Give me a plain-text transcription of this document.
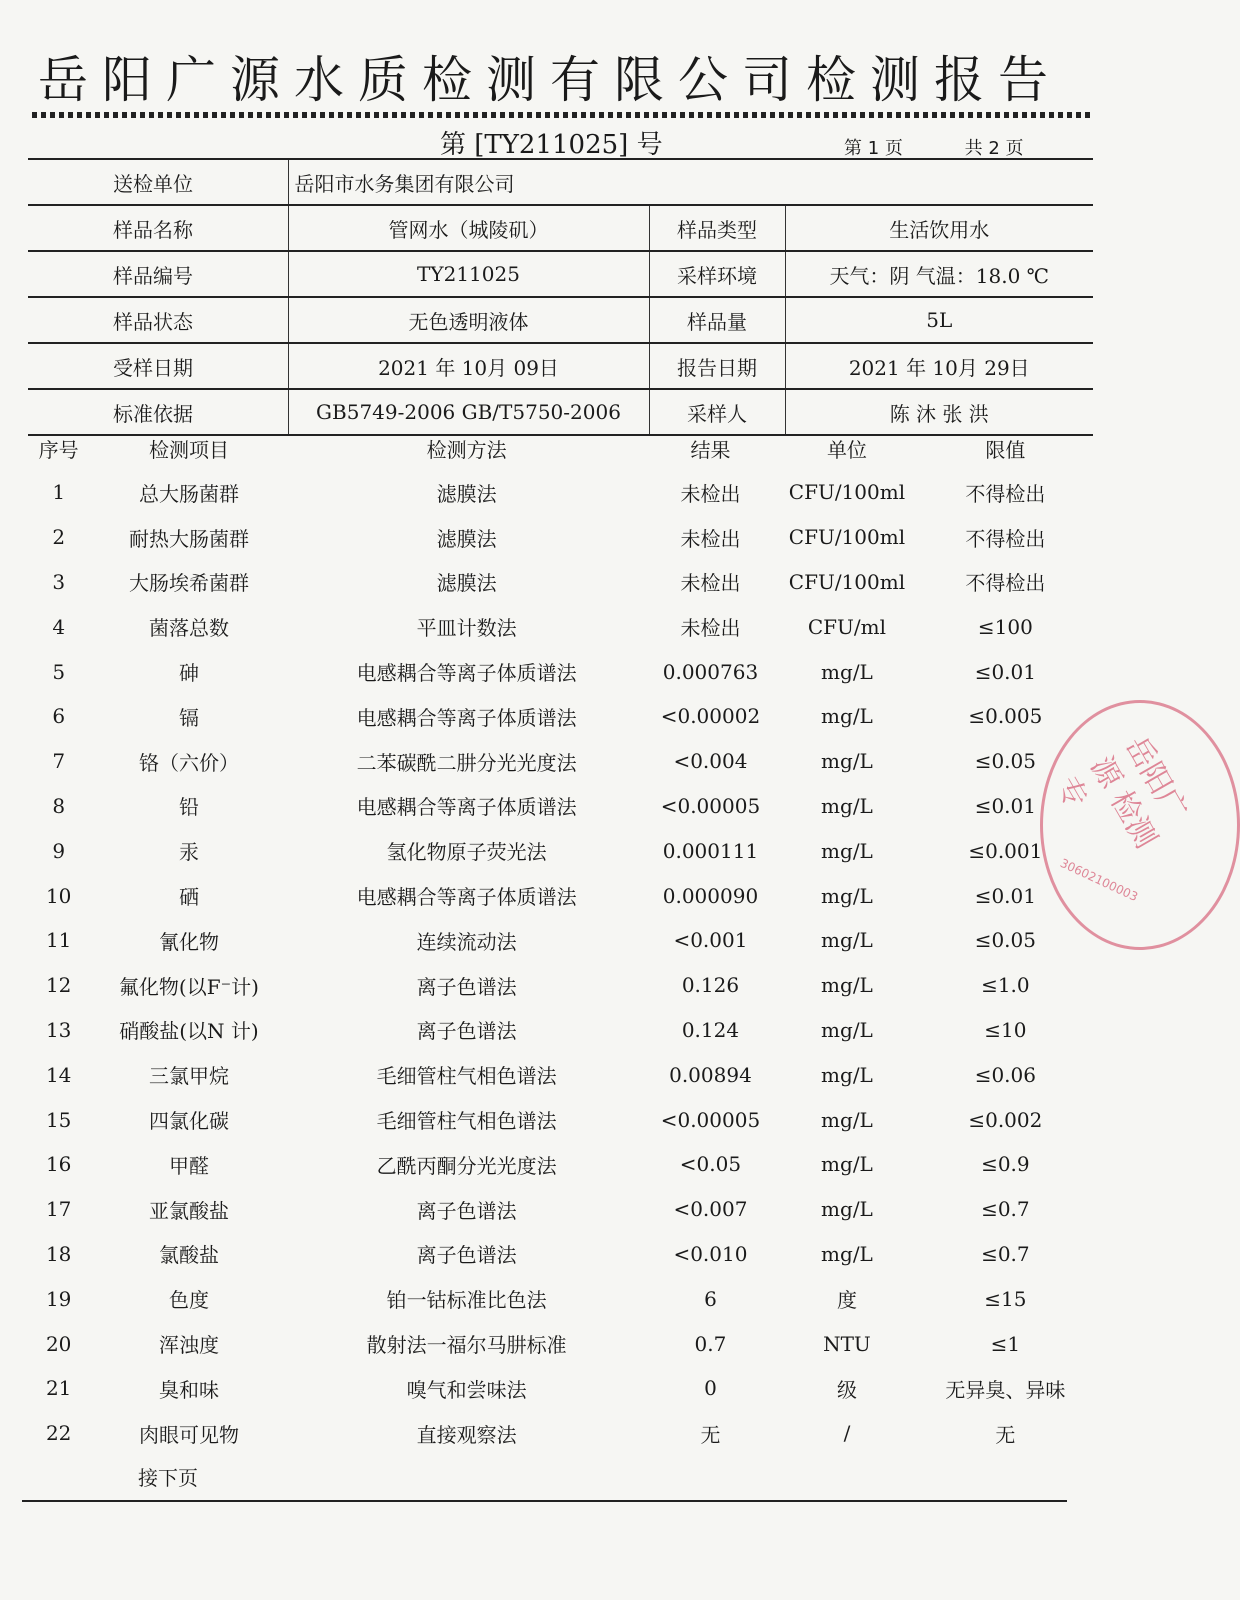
岳阳广源水质检测有限公司检测报告
第 [TY211025] 号	第 1 页	共 2 页
送检单位	岳阳市水务集团有限公司		
样品名称	管网水（城陵矶）	样品类型	生活饮用水
样品编号	TY211025	采样环境	天气：阴 气温：18.0 ℃
样品状态	无色透明液体	样品量	5L
受样日期	2021 年 10月 09日	报告日期	2021 年 10月 29日
标准依据	GB5749-2006 GB/T5750-2006	采样人	陈 沐 张 洪
序号	检测项目	检测方法	结果	单位	限值
1	总大肠菌群	滤膜法	未检出	CFU/100ml	不得检出
2	耐热大肠菌群	滤膜法	未检出	CFU/100ml	不得检出
3	大肠埃希菌群	滤膜法	未检出	CFU/100ml	不得检出
4	菌落总数	平皿计数法	未检出	CFU/ml	≤100
5	砷	电感耦合等离子体质谱法	0.000763	mg/L	≤0.01
6	镉	电感耦合等离子体质谱法	<0.00002	mg/L	≤0.005
7	铬（六价）	二苯碳酰二肼分光光度法	<0.004	mg/L	≤0.05
8	铅	电感耦合等离子体质谱法	<0.00005	mg/L	≤0.01
9	汞	氢化物原子荧光法	0.000111	mg/L	≤0.001
10	硒	电感耦合等离子体质谱法	0.000090	mg/L	≤0.01
11	氰化物	连续流动法	<0.001	mg/L	≤0.05
12	氟化物(以F⁻计)	离子色谱法	0.126	mg/L	≤1.0
13	硝酸盐(以N 计)	离子色谱法	0.124	mg/L	≤10
14	三氯甲烷	毛细管柱气相色谱法	0.00894	mg/L	≤0.06
15	四氯化碳	毛细管柱气相色谱法	<0.00005	mg/L	≤0.002
16	甲醛	乙酰丙酮分光光度法	<0.05	mg/L	≤0.9
17	亚氯酸盐	离子色谱法	<0.007	mg/L	≤0.7
18	氯酸盐	离子色谱法	<0.010	mg/L	≤0.7
19	色度	铂一钴标准比色法	6	度	≤15
20	浑浊度	散射法一福尔马肼标准	0.7	NTU	≤1
21	臭和味	嗅气和尝味法	0	级	无异臭、异味
22	肉眼可见物	直接观察法	无	/	无
接下页
岳阳广源 检测专
30602100003
